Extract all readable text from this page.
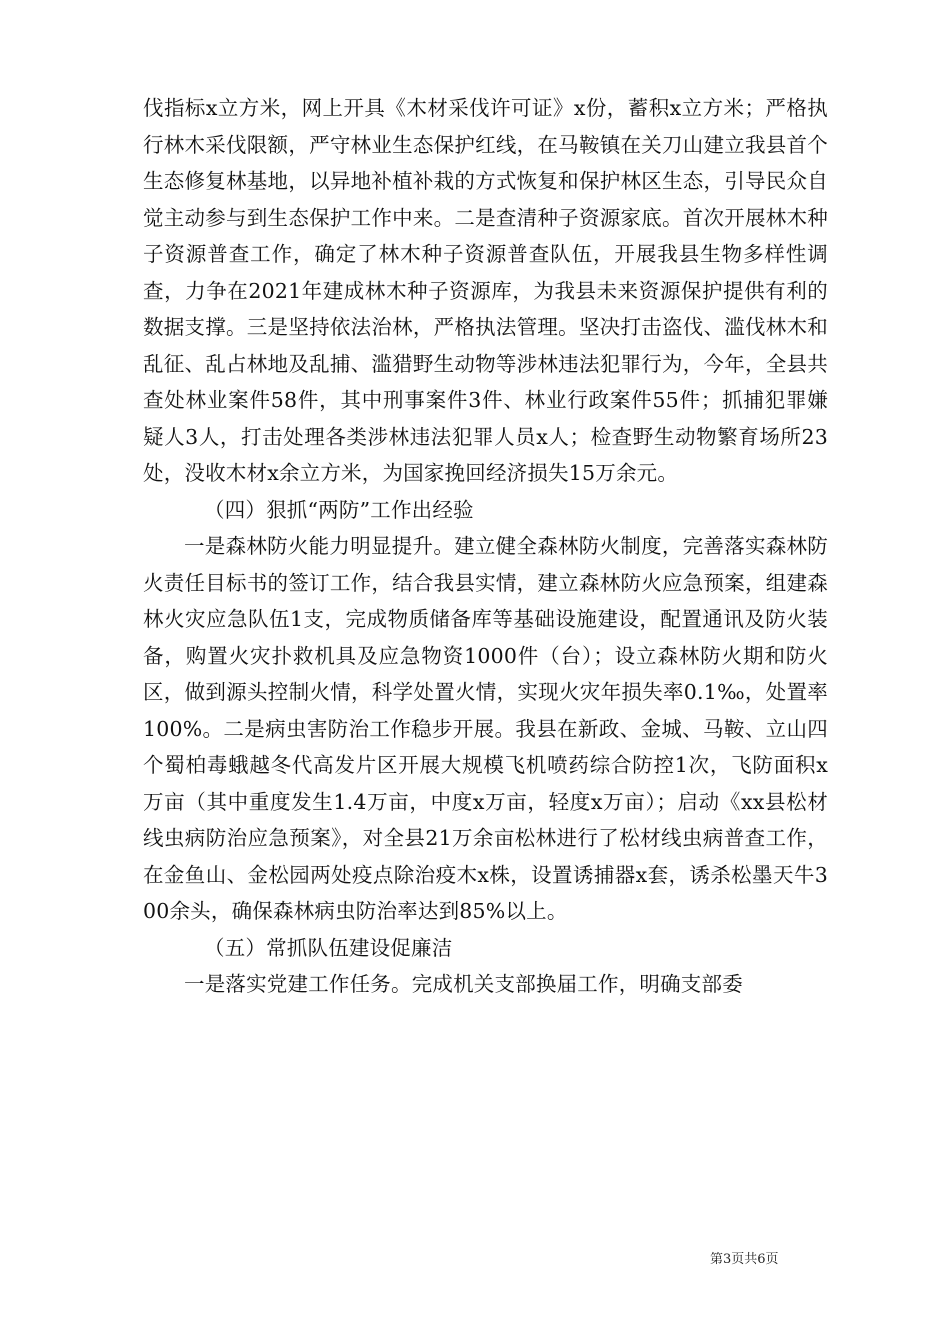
伐指标x立方米，网上开具《木材采伐许可证》x份，蓄积x立方米；严格执行林木采伐限额，严守林业生态保护红线，在马鞍镇在关刀山建立我县首个生态修复林基地，以异地补植补栽的方式恢复和保护林区生态，引导民众自觉主动参与到生态保护工作中来。二是查清种子资源家底。首次开展林木种子资源普查工作，确定了林木种子资源普查队伍，开展我县生物多样性调查，力争在2021年建成林木种子资源库，为我县未来资源保护提供有利的数据支撑。三是坚持依法治林，严格执法管理。坚决打击盗伐、滥伐林木和乱征、乱占林地及乱捕、滥猎野生动物等涉林违法犯罪行为，今年，全县共查处林业案件58件，其中刑事案件3件、林业行政案件55件；抓捕犯罪嫌疑人3人，打击处理各类涉林违法犯罪人员x人；检查野生动物繁育场所23处，没收木材x余立方米，为国家挽回经济损失15万余元。

（四）狠抓“两防”工作出经验

一是森林防火能力明显提升。建立健全森林防火制度，完善落实森林防火责任目标书的签订工作，结合我县实情，建立森林防火应急预案，组建森林火灾应急队伍1支，完成物质储备库等基础设施建设，配置通讯及防火装备，购置火灾扑救机具及应急物资1000件（台）；设立森林防火期和防火区，做到源头控制火情，科学处置火情，实现火灾年损失率0.1‰，处置率100%。二是病虫害防治工作稳步开展。我县在新政、金城、马鞍、立山四个蜀柏毒蛾越冬代高发片区开展大规模飞机喷药综合防控1次，飞防面积x万亩（其中重度发生1.4万亩，中度x万亩，轻度x万亩）；启动《xx县松材线虫病防治应急预案》，对全县21万余亩松林进行了松材线虫病普查工作，在金鱼山、金松园两处疫点除治疫木x株，设置诱捕器x套，诱杀松墨天牛300余头，确保森林病虫防治率达到85%以上。

（五）常抓队伍建设促廉洁

一是落实党建工作任务。完成机关支部换届工作，明确支部委

第3页共6页
